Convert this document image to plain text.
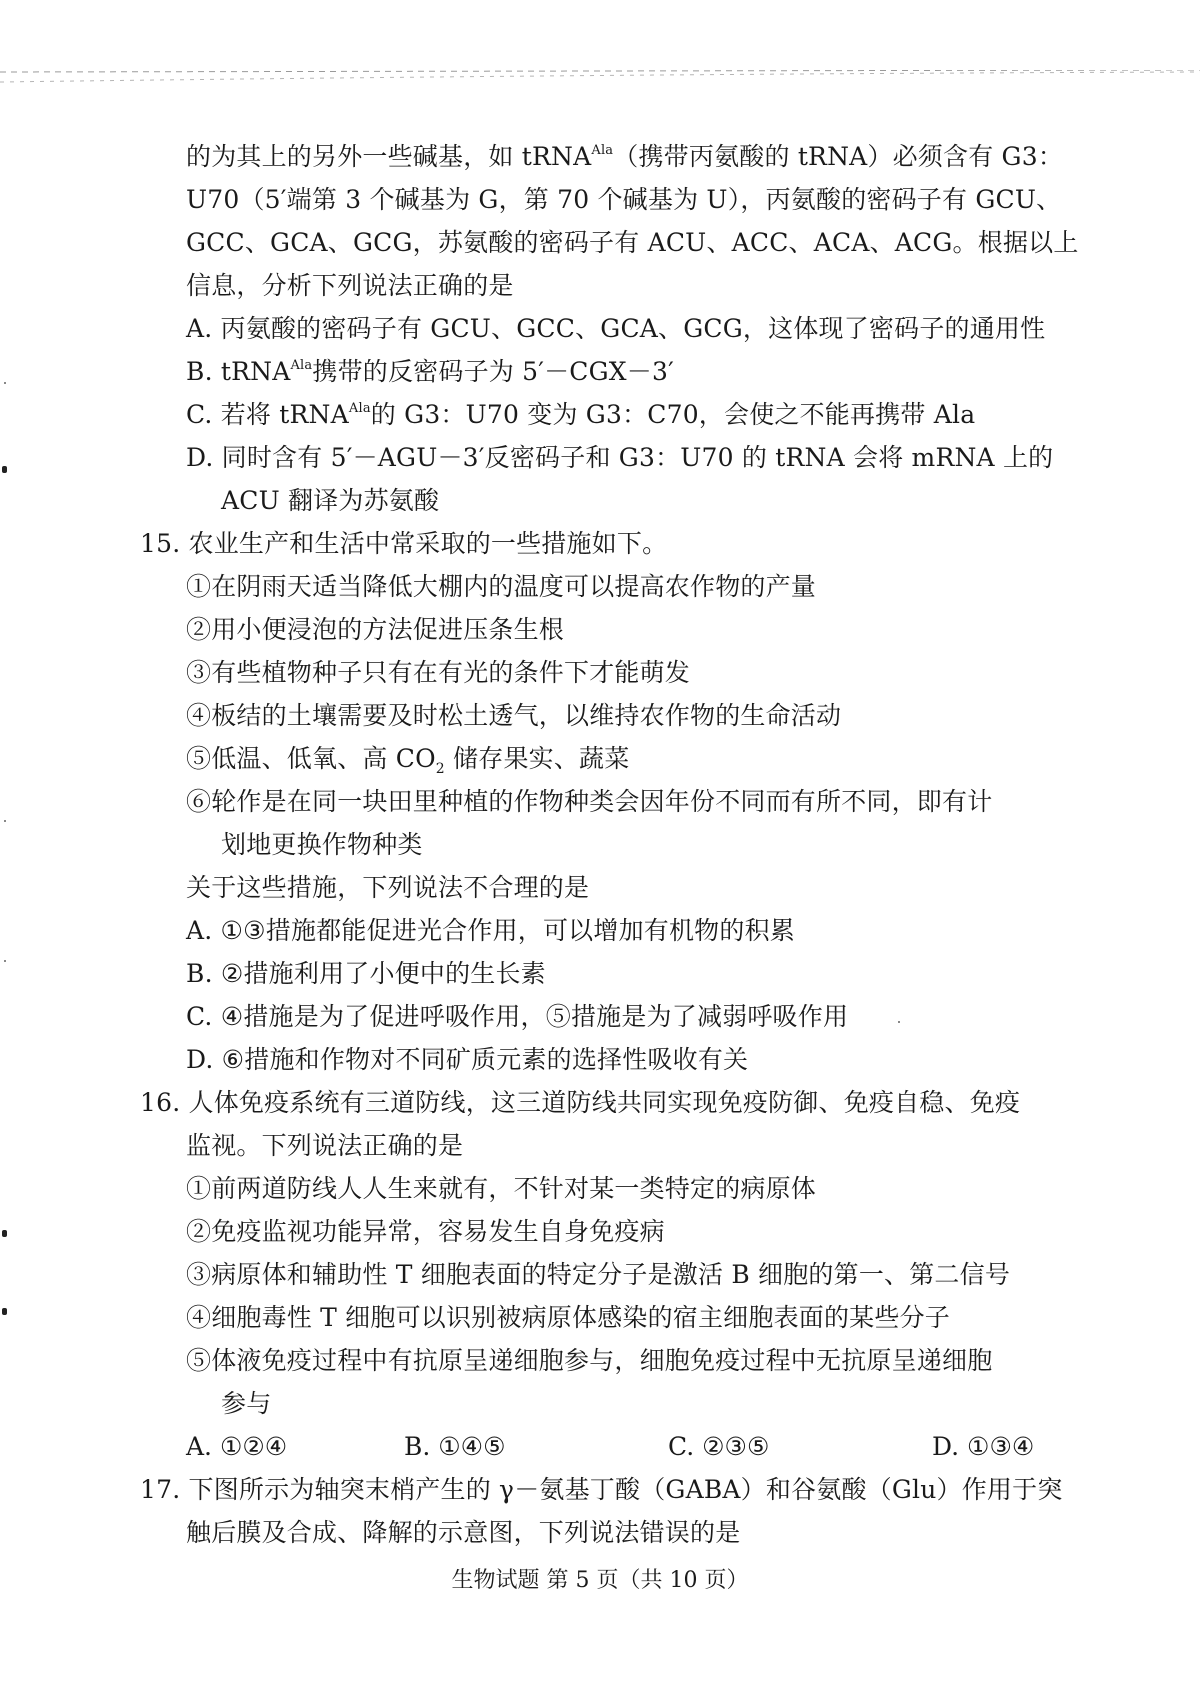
的为其上的另外一些碱基，如 tRNA$^{Ala}$（携带丙氨酸的 tRNA）必须含有 G3：
U70（5′端第 3 个碱基为 G，第 70 个碱基为 U），丙氨酸的密码子有 GCU、
GCC、GCA、GCG，苏氨酸的密码子有 ACU、ACC、ACA、ACG。根据以上
信息，分析下列说法正确的是
A. 丙氨酸的密码子有 GCU、GCC、GCA、GCG，这体现了密码子的通用性
B. tRNA$^{Ala}$携带的反密码子为 5′－CGX－3′
C. 若将 tRNA$^{Ala}$的 G3：U70 变为 G3：C70，会使之不能再携带 Ala
D. 同时含有 5′－AGU－3′反密码子和 G3：U70 的 tRNA 会将 mRNA 上的
ACU 翻译为苏氨酸
15. 农业生产和生活中常采取的一些措施如下。
①在阴雨天适当降低大棚内的温度可以提高农作物的产量
②用小便浸泡的方法促进压条生根
③有些植物种子只有在有光的条件下才能萌发
④板结的土壤需要及时松土透气，以维持农作物的生命活动
⑤低温、低氧、高 $CO_2$ 储存果实、蔬菜
⑥轮作是在同一块田里种植的作物种类会因年份不同而有所不同，即有计
划地更换作物种类
关于这些措施，下列说法不合理的是
A. ①③措施都能促进光合作用，可以增加有机物的积累
B. ②措施利用了小便中的生长素
C. ④措施是为了促进呼吸作用，⑤措施是为了减弱呼吸作用
D. ⑥措施和作物对不同矿质元素的选择性吸收有关
16. 人体免疫系统有三道防线，这三道防线共同实现免疫防御、免疫自稳、免疫
监视。下列说法正确的是
①前两道防线人人生来就有，不针对某一类特定的病原体
②免疫监视功能异常，容易发生自身免疫病
③病原体和辅助性 T 细胞表面的特定分子是激活 B 细胞的第一、第二信号
④细胞毒性 T 细胞可以识别被病原体感染的宿主细胞表面的某些分子
⑤体液免疫过程中有抗原呈递细胞参与，细胞免疫过程中无抗原呈递细胞
参与
A. ①②④	B. ①④⑤	C. ②③⑤	D. ①③④
17. 下图所示为轴突末梢产生的 γ－氨基丁酸（GABA）和谷氨酸（Glu）作用于突
触后膜及合成、降解的示意图，下列说法错误的是
生物试题 第 5 页（共 10 页）
